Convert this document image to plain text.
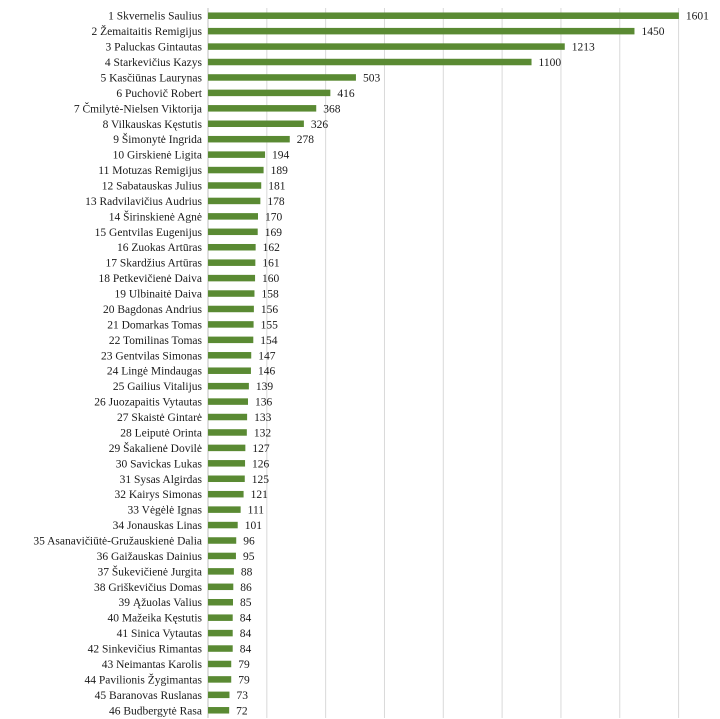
1 Skvernelis Saulius
2 Žemaitaitis Remigijus
3 Paluckas Gintautas
4 Starkevičius Kazys
5 Kasčiūnas Laurynas
6 Puchovič Robert
7 Čmilytė-Nielsen Viktorija
8 Vilkauskas Kęstutis
9 Šimonytė Ingrida
10 Girskienė Ligita
11 Motuzas Remigijus
12 Sabatauskas Julius
13 Radvilavičius Audrius
14 Širinskienė Agnė
15 Gentvilas Eugenijus
16 Zuokas Artūras
17 Skardžius Artūras
18 Petkevičienė Daiva
19 Ulbinaitė Daiva
20 Bagdonas Andrius
21 Domarkas Tomas
22 Tomilinas Tomas
23 Gentvilas Simonas
24 Lingė Mindaugas
25 Gailius Vitalijus
26 Juozapaitis Vytautas
27 Skaistė Gintarė
28 Leiputė Orinta
29 Šakalienė Dovilė
30 Savickas Lukas
31 Sysas Algirdas
32 Kairys Simonas
33 Vėgėlė Ignas
34 Jonauskas Linas
35 Asanavičiūtė-Gružauskienė Dalia
36 Gaižauskas Dainius
37 Šukevičienė Jurgita
38 Griškevičius Domas
39 Ąžuolas Valius
40 Mažeika Kęstutis
41 Sinica Vytautas
42 Sinkevičius Rimantas
43 Neimantas Karolis
44 Pavilionis Žygimantas
45 Baranovas Ruslanas
46 Budbergytė Rasa
1601
1450
1213
1100
503
416
368
326
278
194
189
181
178
170
169
162
161
160
158
156
155
154
147
146
139
136
133
132
127
126
125
121
111
101
96
95
88
86
85
84
84
84
79
79
73
72
